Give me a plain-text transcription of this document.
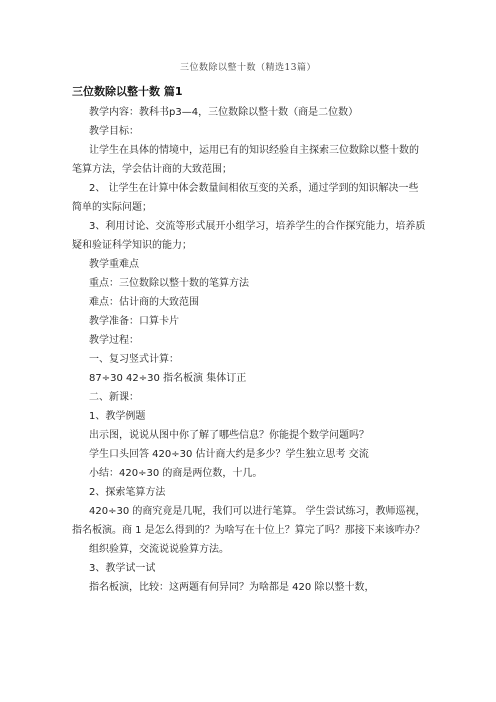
三位数除以整十数（精选13篇）
三位数除以整十数 篇1

教学内容：教科书p3—4，三位数除以整十数（商是二位数）

教学目标：

让学生在具体的情境中，运用已有的知识经验自主探索三位数除以整十数的笔算方法，学会估计商的大致范围；

2、 让学生在计算中体会数量间相依互变的关系，通过学到的知识解决一些简单的实际问题；

3、利用讨论、交流等形式展开小组学习，培养学生的合作探究能力，培养质疑和验证科学知识的能力；

教学重难点

重点：三位数除以整十数的笔算方法

难点：估计商的大致范围

教学准备：口算卡片

教学过程：

一、复习竖式计算：

87÷30 42÷30 指名板演 集体订正

二、新课：

1、教学例题

出示图，说说从图中你了解了哪些信息？你能提个数学问题吗？

学生口头回答 420÷30 估计商大约是多少？学生独立思考 交流

小结：420÷30 的商是两位数，十几。

2、探索笔算方法

420÷30 的商究竟是几呢，我们可以进行笔算。 学生尝试练习，教师巡视，指名板演。商 1 是怎么得到的？为啥写在十位上？算完了吗？那接下来该咋办？

组织验算，交流说说验算方法。

3、教学试一试

指名板演，比较：这两题有何异同？为啥都是 420 除以整十数，
